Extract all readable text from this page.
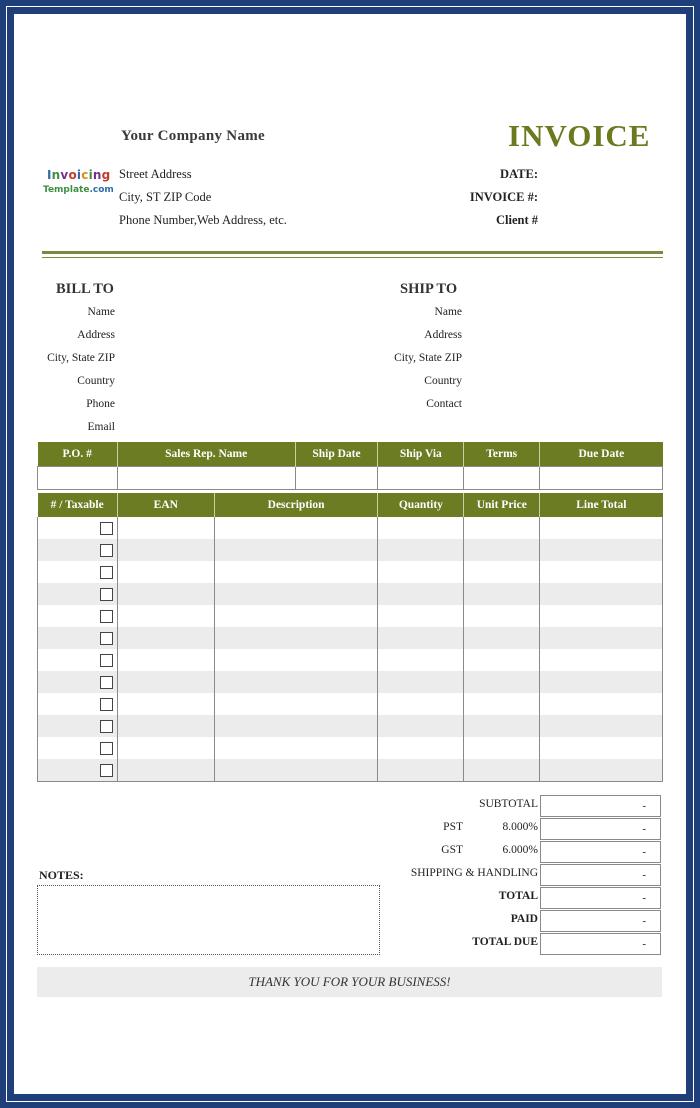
Your Company Name
Street Address
City, ST ZIP Code
Phone Number,Web Address, etc.
Invoicing
Template.com
INVOICE
DATE:
INVOICE #:
Client #
BILL TO
Name
Address
City, State ZIP
Country
Phone
Email
SHIP TO
Name
Address
City, State ZIP
Country
Contact
P.O. #	Sales Rep. Name	Ship Date	Ship Via	Terms	Due Date

# / Taxable	EAN	Description	Quantity	Unit Price	Line Total

SUBTOTAL	-
PST	8.000%	-
GST	6.000%	-
SHIPPING & HANDLING	-
TOTAL	-
PAID	-
TOTAL DUE	-
NOTES:
THANK YOU FOR YOUR BUSINESS!
